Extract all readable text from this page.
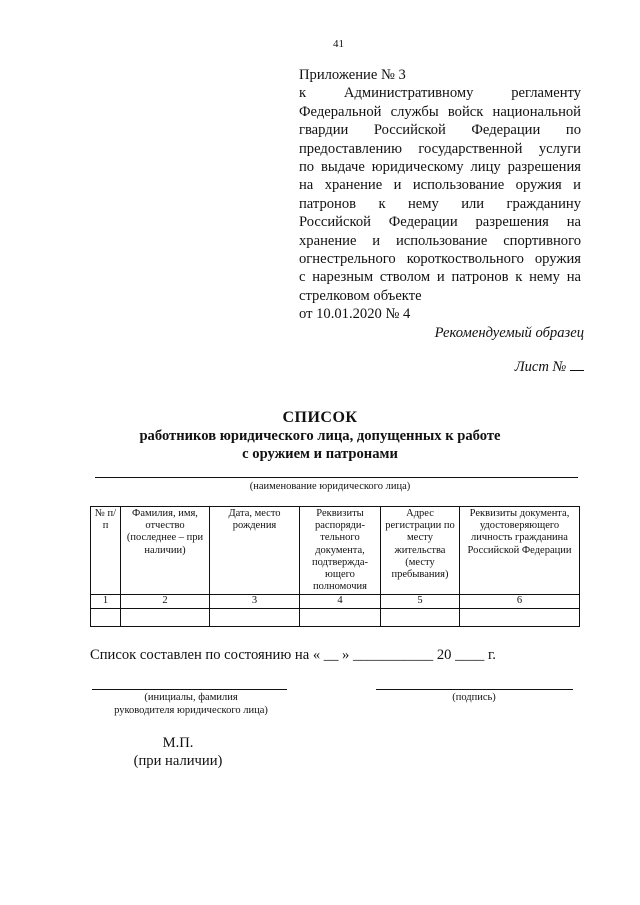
41
Приложение № 3
к Административному регламенту
Федеральной службы войск национальной
гвардии Российской Федерации по
предоставлению государственной услуги
по выдаче юридическому лицу разрешения
на хранение и использование оружия и
патронов к нему или гражданину
Российской Федерации разрешения на
хранение и использование спортивного
огнестрельного короткоствольного оружия
с нарезным стволом и патронов к нему на
стрелковом объекте
от 10.01.2020 № 4
Рекомендуемый образец
Лист №
СПИСОК
работников юридического лица, допущенных к работе
с оружием и патронами
(наименование юридического лица)
№ п/п	Фамилия, имя, отчество (последнее – при наличии)	Дата, место рождения	Реквизиты распоряди-тельного документа, подтвержда-ющего полномочия	Адрес регистрации по месту жительства (месту пребывания)	Реквизиты документа, удостоверяющего личность гражданина Российской Федерации
1	2	3	4	5	6

Список составлен по состоянию на « __ » ___________ 20 ____ г.
(инициалы, фамилия
руководителя юридического лица)
(подпись)
М.П.
(при наличии)
